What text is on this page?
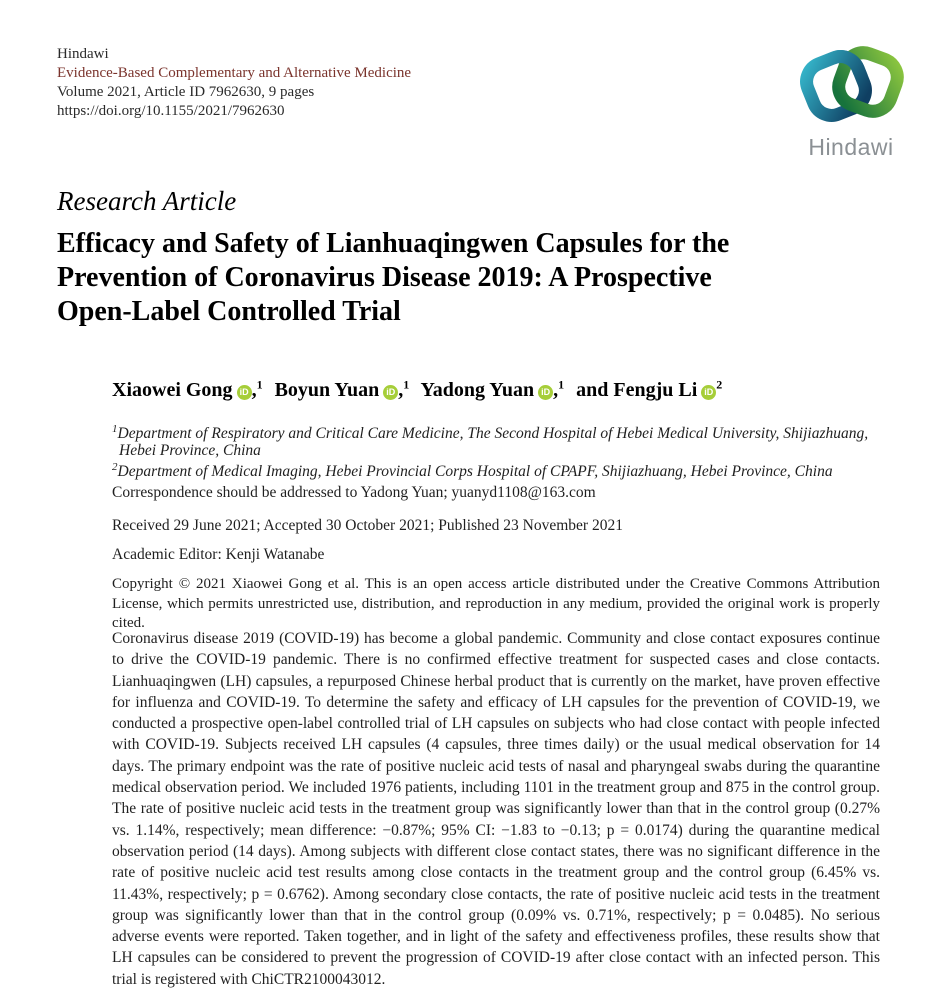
Hindawi
Evidence-Based Complementary and Alternative Medicine
Volume 2021, Article ID 7962630, 9 pages
https://doi.org/10.1155/2021/7962630
Hindawi
Research Article
Efficacy and Safety of Lianhuaqingwen Capsules for the
Prevention of Coronavirus Disease 2019: A Prospective
Open-Label Controlled Trial
Xiaowei Gong iD ,$^1$ Boyun Yuan iD ,$^1$ Yadong Yuan iD ,$^1$ and Fengju Li $iD^2$
$^1$Department of Respiratory and Critical Care Medicine, The Second Hospital of Hebei Medical University, Shijiazhuang, Hebei Province, China
$^2$Department of Medical Imaging, Hebei Provincial Corps Hospital of CPAPF, Shijiazhuang, Hebei Province, China
Correspondence should be addressed to Yadong Yuan; yuanyd1108@163.com
Received 29 June 2021; Accepted 30 October 2021; Published 23 November 2021
Academic Editor: Kenji Watanabe
Copyright © 2021 Xiaowei Gong et al. This is an open access article distributed under the Creative Commons Attribution License, which permits unrestricted use, distribution, and reproduction in any medium, provided the original work is properly cited.
Coronavirus disease 2019 (COVID-19) has become a global pandemic. Community and close contact exposures continue to drive the COVID-19 pandemic. There is no confirmed effective treatment for suspected cases and close contacts. Lianhuaqingwen (LH) capsules, a repurposed Chinese herbal product that is currently on the market, have proven effective for influenza and COVID-19. To determine the safety and efficacy of LH capsules for the prevention of COVID-19, we conducted a prospective open-label controlled trial of LH capsules on subjects who had close contact with people infected with COVID-19. Subjects received LH capsules (4 capsules, three times daily) or the usual medical observation for 14 days. The primary endpoint was the rate of positive nucleic acid tests of nasal and pharyngeal swabs during the quarantine medical observation period. We included 1976 patients, including 1101 in the treatment group and 875 in the control group. The rate of positive nucleic acid tests in the treatment group was significantly lower than that in the control group (0.27% vs. 1.14%, respectively; mean difference: −0.87%; 95% CI: −1.83 to −0.13; p = 0.0174) during the quarantine medical observation period (14 days). Among subjects with different close contact states, there was no significant difference in the rate of positive nucleic acid test results among close contacts in the treatment group and the control group (6.45% vs. 11.43%, respectively; p = 0.6762). Among secondary close contacts, the rate of positive nucleic acid tests in the treatment group was significantly lower than that in the control group (0.09% vs. 0.71%, respectively; p = 0.0485). No serious adverse events were reported. Taken together, and in light of the safety and effectiveness profiles, these results show that LH capsules can be considered to prevent the progression of COVID-19 after close contact with an infected person. This trial is registered with ChiCTR2100043012.
